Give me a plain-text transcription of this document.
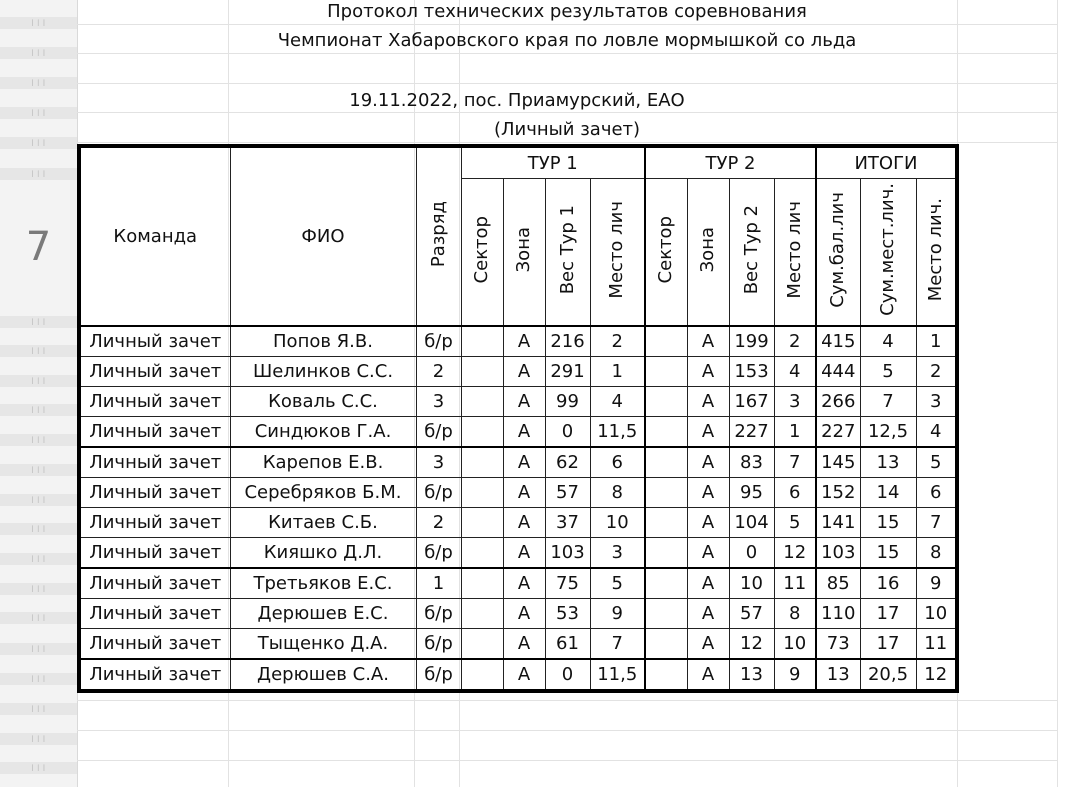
7
❘❘❘
❘❘❘
❘❘❘
❘❘❘
❘❘❘
❘❘❘
❘❘❘
❘❘❘
❘❘❘
❘❘❘
❘❘❘
❘❘❘
❘❘❘
❘❘❘
❘❘❘
❘❘❘
❘❘❘
❘❘❘
❘❘❘
❘❘❘
❘❘❘
❘❘❘
Протокол технических результатов соревнования
Чемпионат Хабаровского края по ловле мормышкой со льда
19.11.2022, пос. Приамурский, ЕАО
(Личный зачет)
Команда	ФИО	Разряд	ТУР 1				ТУР 2				ИТОГИ		
			Сектор	Зона	Вес Тур 1	Место лич	Сектор	Зона	Вес Тур 2	Место лич	Сум.бал.лич	Сум.мест.лич.	Место лич.
Личный зачет	Попов Я.В.	б/р		А	216	2		А	199	2	415	4	1
Личный зачет	Шелинков С.С.	2		А	291	1		А	153	4	444	5	2
Личный зачет	Коваль С.С.	3		А	99	4		А	167	3	266	7	3
Личный зачет	Синдюков Г.А.	б/р		А	0	11,5		А	227	1	227	12,5	4
Личный зачет	Карепов Е.В.	3		А	62	6		А	83	7	145	13	5
Личный зачет	Серебряков Б.М.	б/р		А	57	8		А	95	6	152	14	6
Личный зачет	Китаев С.Б.	2		А	37	10		А	104	5	141	15	7
Личный зачет	Кияшко Д.Л.	б/р		А	103	3		А	0	12	103	15	8
Личный зачет	Третьяков Е.С.	1		А	75	5		А	10	11	85	16	9
Личный зачет	Дерюшев Е.С.	б/р		А	53	9		А	57	8	110	17	10
Личный зачет	Тыщенко Д.А.	б/р		А	61	7		А	12	10	73	17	11
Личный зачет	Дерюшев С.А.	б/р		А	0	11,5		А	13	9	13	20,5	12
